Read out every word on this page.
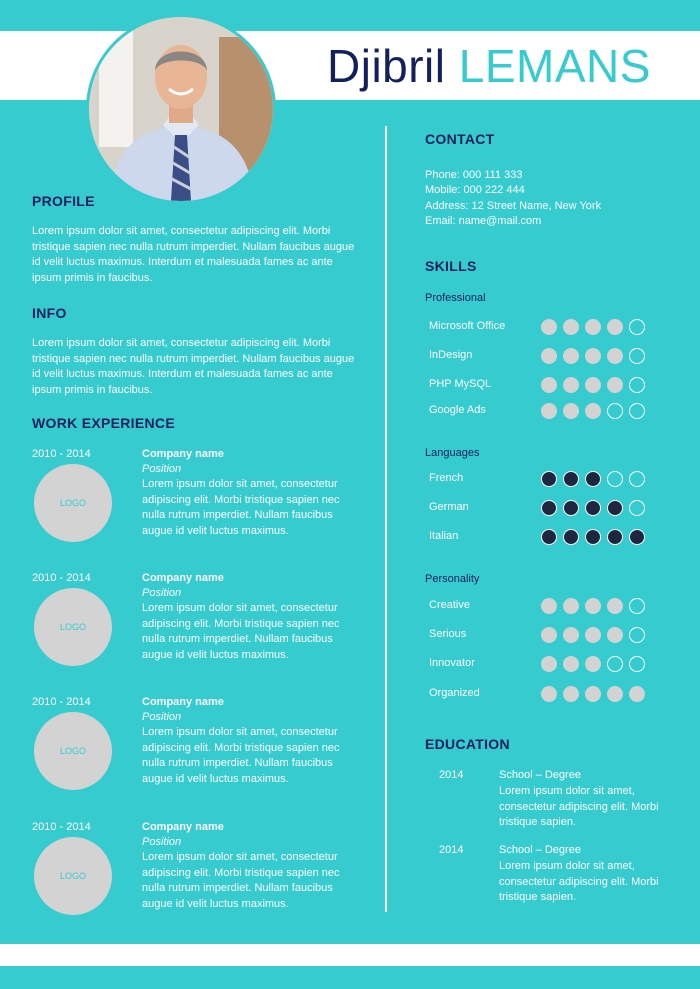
Djibril LEMANS
PROFILE
Lorem ipsum dolor sit amet, consectetur adipiscing elit. Morbi tristique sapien nec nulla rutrum imperdiet. Nullam faucibus augue id velit luctus maximus. Interdum et malesuada fames ac ante ipsum primis in faucibus.
INFO
Lorem ipsum dolor sit amet, consectetur adipiscing elit. Morbi tristique sapien nec nulla rutrum imperdiet. Nullam faucibus augue id velit luctus maximus. Interdum et malesuada fames ac ante ipsum primis in faucibus.
WORK EXPERIENCE
2010 - 2014
LOGO
Company name
Position
Lorem ipsum dolor sit amet, consectetur adipiscing elit. Morbi tristique sapien nec nulla rutrum imperdiet. Nullam faucibus augue id velit luctus maximus.
2010 - 2014
LOGO
Company name
Position
Lorem ipsum dolor sit amet, consectetur adipiscing elit. Morbi tristique sapien nec nulla rutrum imperdiet. Nullam faucibus augue id velit luctus maximus.
2010 - 2014
LOGO
Company name
Position
Lorem ipsum dolor sit amet, consectetur adipiscing elit. Morbi tristique sapien nec nulla rutrum imperdiet. Nullam faucibus augue id velit luctus maximus.
2010 - 2014
LOGO
Company name
Position
Lorem ipsum dolor sit amet, consectetur adipiscing elit. Morbi tristique sapien nec nulla rutrum imperdiet. Nullam faucibus augue id velit luctus maximus.
CONTACT
Phone: 000 111 333
Mobile: 000 222 444
Address: 12 Street Name, New York
Email: name@mail.com
SKILLS
Professional
Microsoft Office
InDesign
PHP MySQL
Google Ads
Languages
French
German
Italian
Personality
Creative
Serious
Innovator
Organized
EDUCATION
2014	School – Degree
Lorem ipsum dolor sit amet, consectetur adipiscing elit. Morbi tristique sapien.
2014	School – Degree
Lorem ipsum dolor sit amet, consectetur adipiscing elit. Morbi tristique sapien.
